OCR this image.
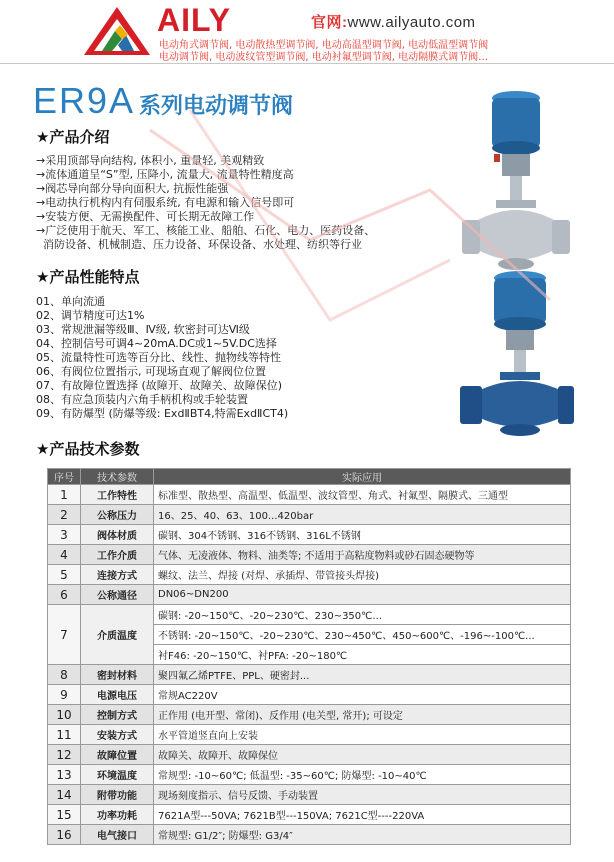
AILY	官网:www.ailyauto.com
电动角式调节阀, 电动散热型调节阀, 电动高温型调节阀, 电动低温型调节阀
电动调节阀, 电动波纹管型调节阀, 电动衬氟型调节阀, 电动隔膜式调节阀…
ER9A 系列电动调节阀
★产品介绍
→采用顶部导向结构, 体积小, 重量轻, 美观精致
→流体通道呈“S”型, 压降小, 流量大, 流量特性精度高
→阀芯导向部分导向面积大, 抗振性能强
→电动执行机构内有伺服系统, 有电源和输入信号即可
→安装方便、无需换配件、可长期无故障工作
→广泛使用于航天、军工、核能工业、船舶、石化、电力、医药设备、
消防设备、机械制造、压力设备、环保设备、水处理、纺织等行业
★产品性能特点
01、单向流通
02、调节精度可达1%
03、常规泄漏等级Ⅲ、Ⅳ级, 软密封可达Ⅵ级
04、控制信号可调4~20mA.DC或1~5V.DC选择
05、流量特性可选等百分比、线性、抛物线等特性
06、有阀位位置指示, 可现场直观了解阀位位置
07、有故障位置选择 (故障开、故障关、故障保位)
08、有应急顶装内六角手柄机构或手轮装置
09、有防爆型 (防爆等级: ExdⅡBT4,特需ExdⅡCT4)
★产品技术参数
序号	技术参数	实际应用
1	工作特性	标准型、散热型、高温型、低温型、波纹管型、角式、衬氟型、隔膜式、三通型
2	公称压力	16、25、40、63、100...420bar
3	阀体材质	碳钢、304不锈钢、316不锈钢、316L不锈钢
4	工作介质	气体、无凌液体、物料、油类等; 不适用于高粘度物料或砂石固态硬物等
5	连接方式	螺纹、法兰、焊接 (对焊、承插焊、带管接头焊接)
6	公称通径	DN06~DN200
7	介质温度	碳钢: -20~150℃、-20~230℃、230~350℃...
		不锈钢: -20~150℃、-20~230℃、230~450℃、450~600℃、-196~-100℃...
		衬F46: -20~150℃、衬PFA: -20~180℃
8	密封材料	聚四氟乙烯PTFE、PPL、硬密封...
9	电源电压	常规AC220V
10	控制方式	正作用 (电开型、常闭)、反作用 (电关型, 常开); 可设定
11	安装方式	水平管道竖直向上安装
12	故障位置	故障关、故障开、故障保位
13	环境温度	常规型: -10~60℃; 低温型: -35~60℃; 防爆型: -10~40℃
14	附带功能	现场刻度指示、信号反馈、手动装置
15	功率功耗	7621A型---50VA; 7621B型---150VA; 7621C型----220VA
16	电气接口	常规型: G1/2″; 防爆型: G3/4″
